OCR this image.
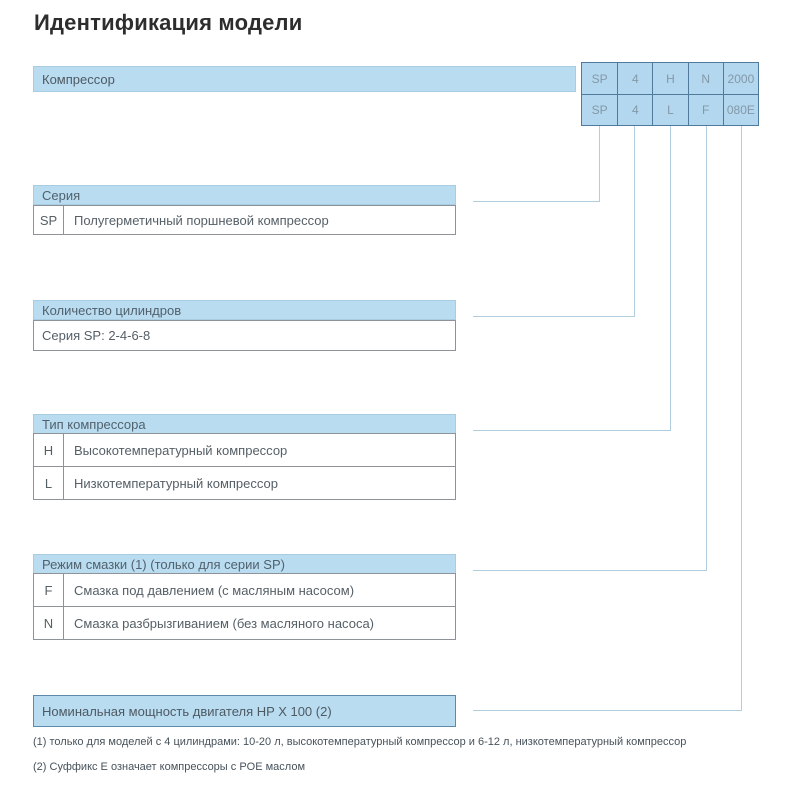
Идентификация модели
Компрессор	SP	4	H	N	2000
SP	4	L	F	080E
Серия
SP	Полугерметичный поршневой компрессор
Количество цилиндров
Серия SP: 2-4-6-8
Тип компрессора
H	Высокотемпературный компрессор
L	Низкотемпературный компрессор
Режим смазки (1) (только для серии SP)
F	Смазка под давлением (с масляным насосом)
N	Смазка разбрызгиванием (без масляного насоса)
Номинальная мощность двигателя HP X 100 (2)
(1) только для моделей с 4 цилиндрами: 10-20 л, высокотемпературный компрессор и 6-12 л, низкотемпературный компрессор
(2) Суффикс Е означает компрессоры с POE маслом
